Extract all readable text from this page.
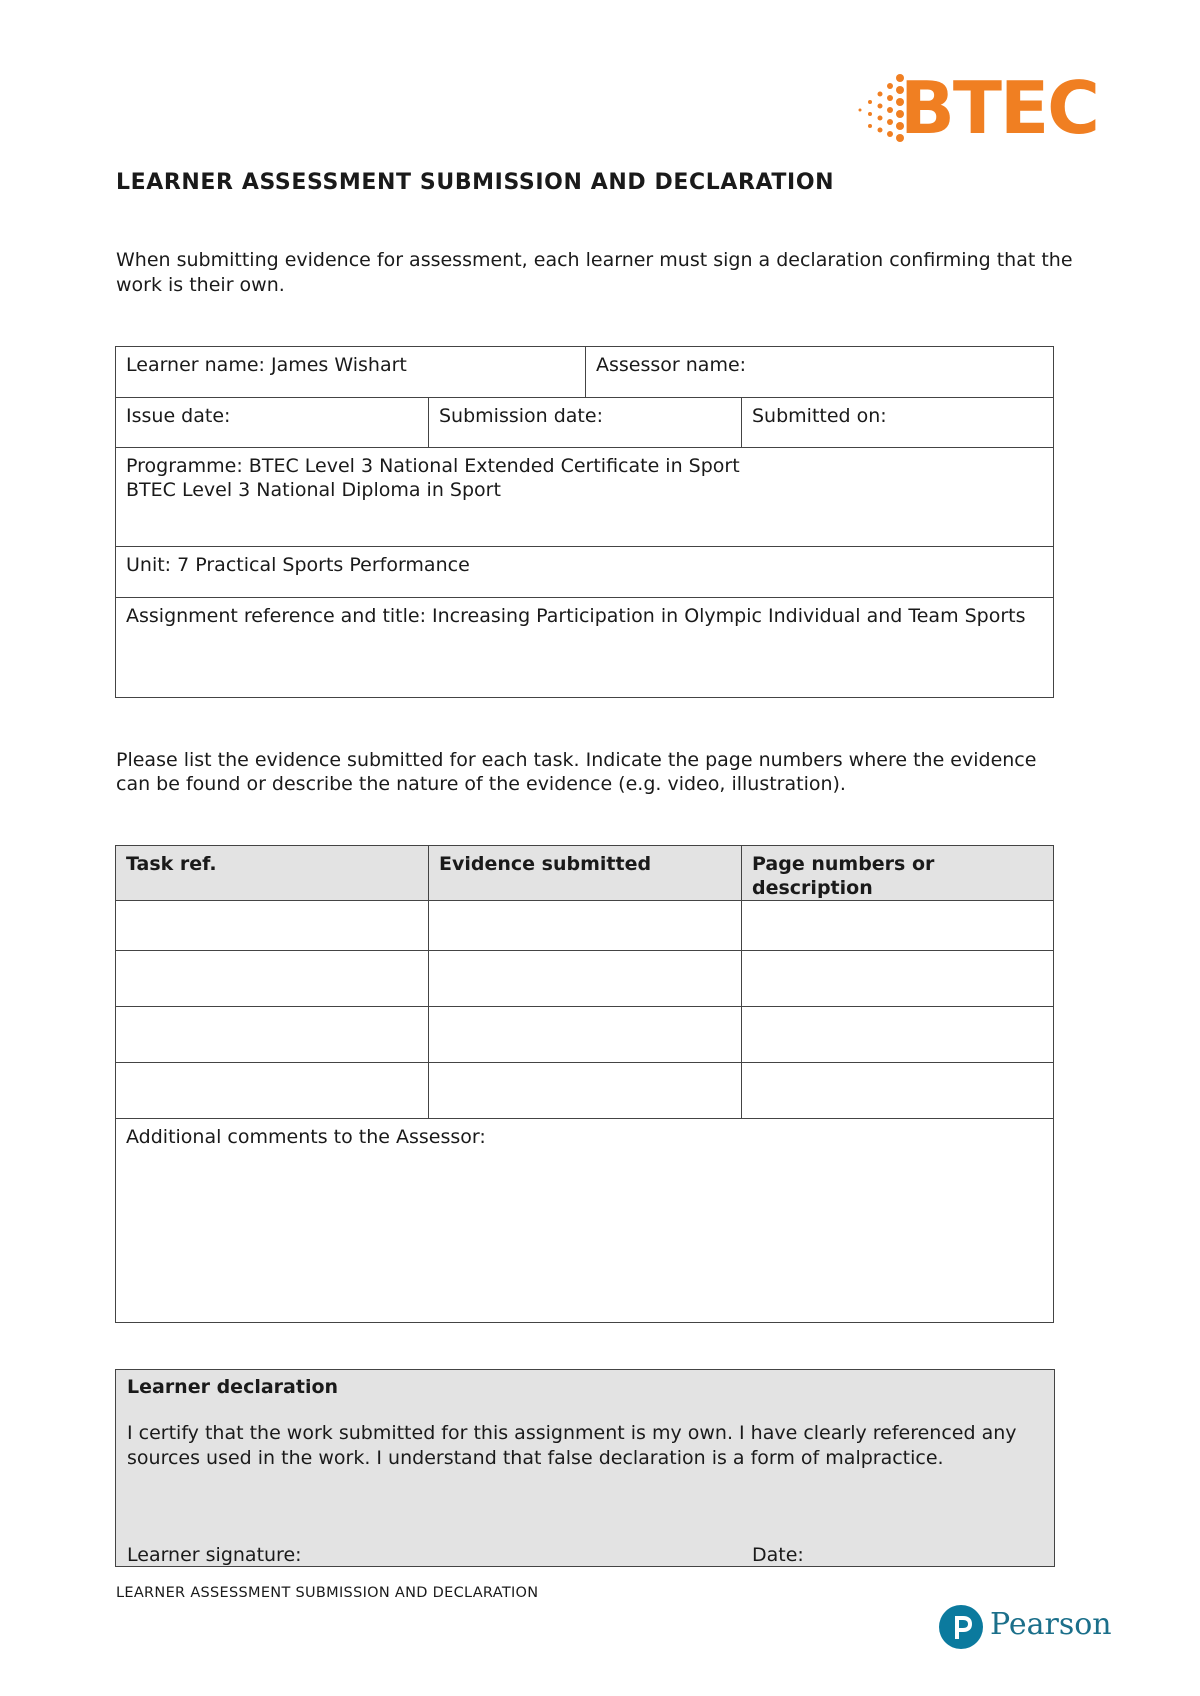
BTEC
LEARNER ASSESSMENT SUBMISSION AND DECLARATION
When submitting evidence for assessment, each learner must sign a declaration confirming that the work is their own.
Learner name: James Wishart		Assessor name:	
Issue date:	Submission date:		Submitted on:

Programme: BTEC Level 3 National Extended Certificate in Sport
BTEC Level 3 National Diploma in Sport			

Unit: 7 Practical Sports Performance			
Assignment reference and title: Increasing Participation in Olympic Individual and Team Sports			
Please list the evidence submitted for each task. Indicate the page numbers where the evidence can be found or describe the nature of the evidence (e.g. video, illustration).
Task ref.	Evidence submitted	Page numbers or description

Additional comments to the Assessor:		
Learner declaration
I certify that the work submitted for this assignment is my own. I have clearly referenced any sources used in the work. I understand that false declaration is a form of malpractice.
Learner signature:	Date:
LEARNER ASSESSMENT SUBMISSION AND DECLARATION
Pearson
